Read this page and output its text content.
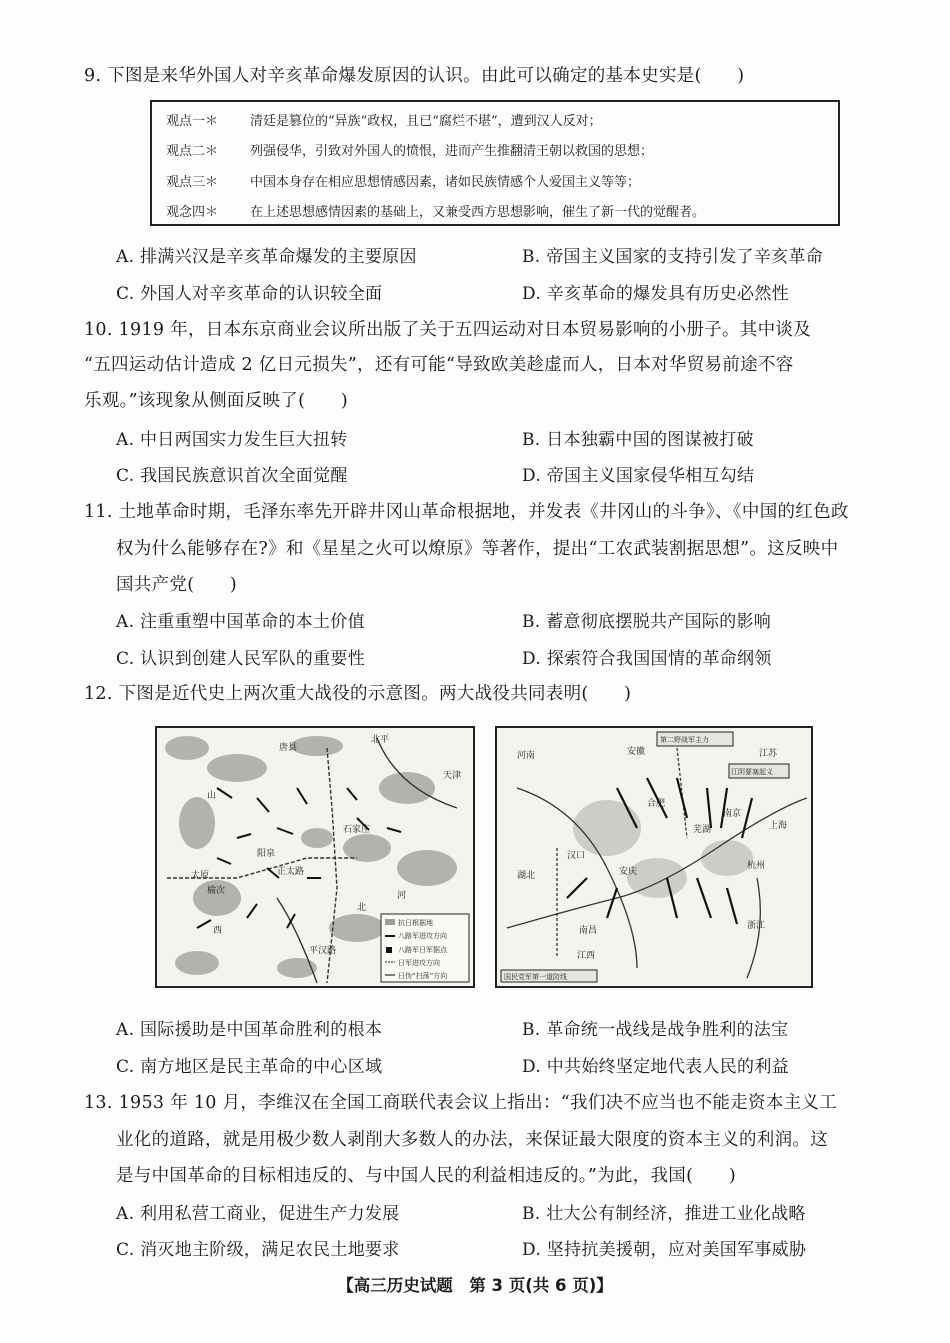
9. 下图是来华外国人对辛亥革命爆发原因的认识。由此可以确定的基本史实是(　　)
观点一＊ 清廷是篡位的“异族”政权，且已“腐烂不堪”，遭到汉人反对；
观点二＊ 列强侵华，引致对外国人的愤恨，进而产生推翻清王朝以救国的思想；
观点三＊ 中国本身存在相应思想情感因素，诸如民族情感个人爱国主义等等；
观念四＊ 在上述思想感情因素的基础上，又兼受西方思想影响，催生了新一代的觉醒者。
A. 排满兴汉是辛亥革命爆发的主要原因	B. 帝国主义国家的支持引发了辛亥革命
C. 外国人对辛亥革命的认识较全面	D. 辛亥革命的爆发具有历史必然性
10. 1919 年，日本东京商业会议所出版了关于五四运动对日本贸易影响的小册子。其中谈及
“五四运动估计造成 2 亿日元损失”，还有可能“导致欧美趁虚而人，日本对华贸易前途不容
乐观。”该现象从侧面反映了(　　)
A. 中日两国实力发生巨大扭转	B. 日本独霸中国的图谋被打破
C. 我国民族意识首次全面觉醒	D. 帝国主义国家侵华相互勾结
11. 土地革命时期，毛泽东率先开辟井冈山革命根据地，并发表《井冈山的斗争》、《中国的红色政
权为什么能够存在?》和《星星之火可以燎原》等著作，提出“工农武装割据思想”。这反映中
国共产党(　　)
A. 注重重塑中国革命的本土价值	B. 蓄意彻底摆脱共产国际的影响
C. 认识到创建人民军队的重要性	D. 探索符合我国国情的革命纲领
12. 下图是近代史上两次重大战役的示意图。两大战役共同表明(　　)
北平
天津
唐县
石家庄
阳泉
正太路
太原
榆次
山
西
河
北
平汉路
抗日根据地
八路军进攻方向
八路军日军据点
日军进攻方向
日伪“扫荡”方向
第二野战军主力
江阴要塞起义
安徽
河南	江苏
浙江
江西
湖北
南京
芜湖
合肥
上海
杭州
南昌
汉口
安庆
国民党军第一道防线
A. 国际援助是中国革命胜利的根本	B. 革命统一战线是战争胜利的法宝
C. 南方地区是民主革命的中心区域	D. 中共始终坚定地代表人民的利益
13. 1953 年 10 月，李维汉在全国工商联代表会议上指出：“我们决不应当也不能走资本主义工
业化的道路，就是用极少数人剥削大多数人的办法，来保证最大限度的资本主义的利润。这
是与中国革命的目标相违反的、与中国人民的利益相违反的。”为此，我国(　　)
A. 利用私营工商业，促进生产力发展	B. 壮大公有制经济，推进工业化战略
C. 消灭地主阶级，满足农民土地要求	D. 坚持抗美援朝，应对美国军事威胁
【高三历史试题　第 3 页(共 6 页)】
